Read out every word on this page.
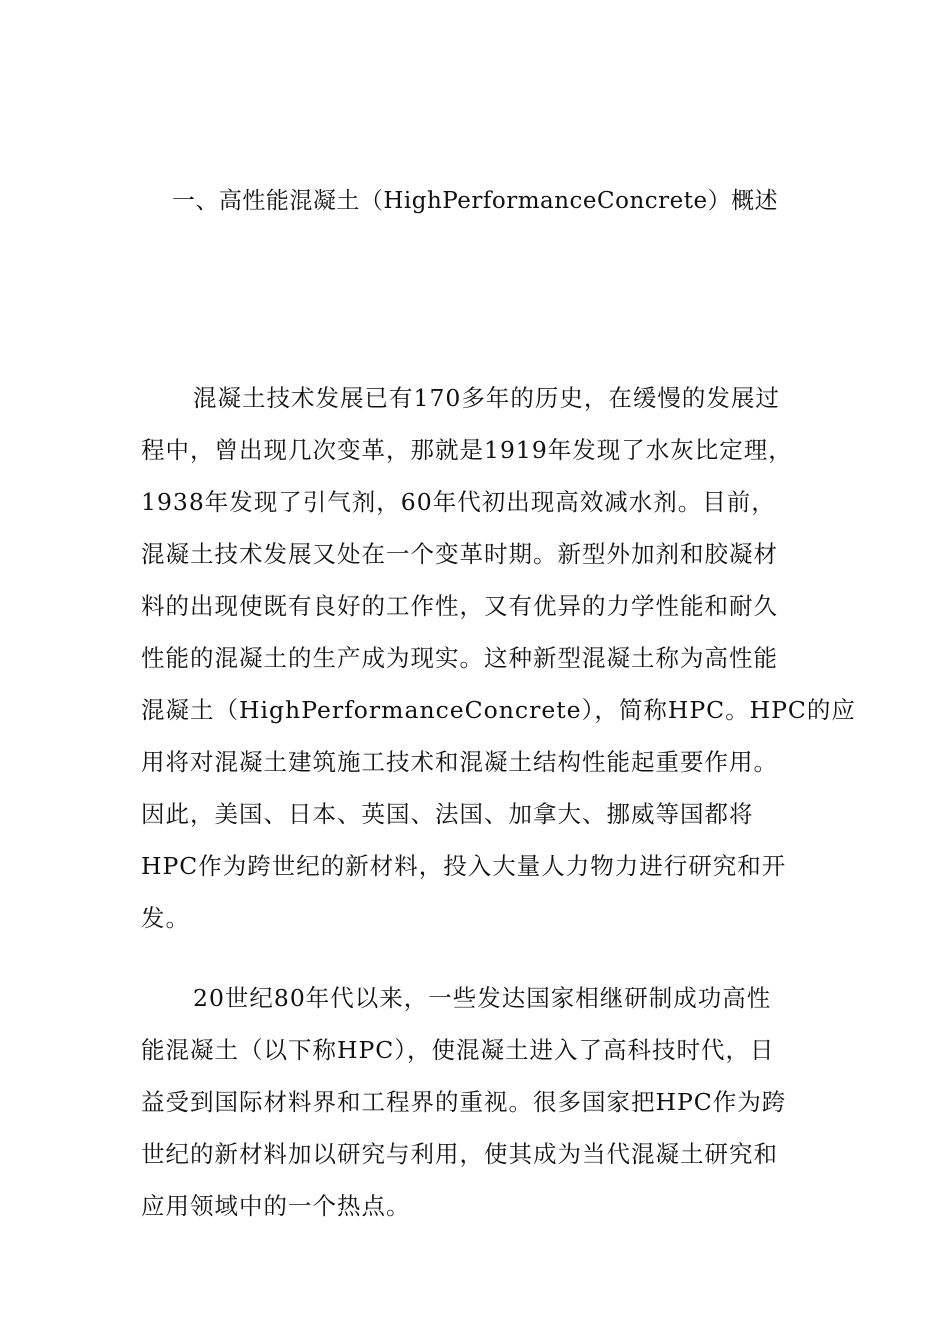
一、高性能混凝土（HighPerformanceConcrete）概述
混凝土技术发展已有170多年的历史，在缓慢的发展过
程中，曾出现几次变革，那就是1919年发现了水灰比定理，
1938年发现了引气剂，60年代初出现高效减水剂。目前，
混凝土技术发展又处在一个变革时期。新型外加剂和胶凝材
料的出现使既有良好的工作性，又有优异的力学性能和耐久
性能的混凝土的生产成为现实。这种新型混凝土称为高性能
混凝土（HighPerformanceConcrete），简称HPC。HPC的应
用将对混凝土建筑施工技术和混凝土结构性能起重要作用。
因此，美国、日本、英国、法国、加拿大、挪威等国都将
HPC作为跨世纪的新材料，投入大量人力物力进行研究和开
发。
20世纪80年代以来，一些发达国家相继研制成功高性
能混凝土（以下称HPC），使混凝土进入了高科技时代，日
益受到国际材料界和工程界的重视。很多国家把HPC作为跨
世纪的新材料加以研究与利用，使其成为当代混凝土研究和
应用领域中的一个热点。
